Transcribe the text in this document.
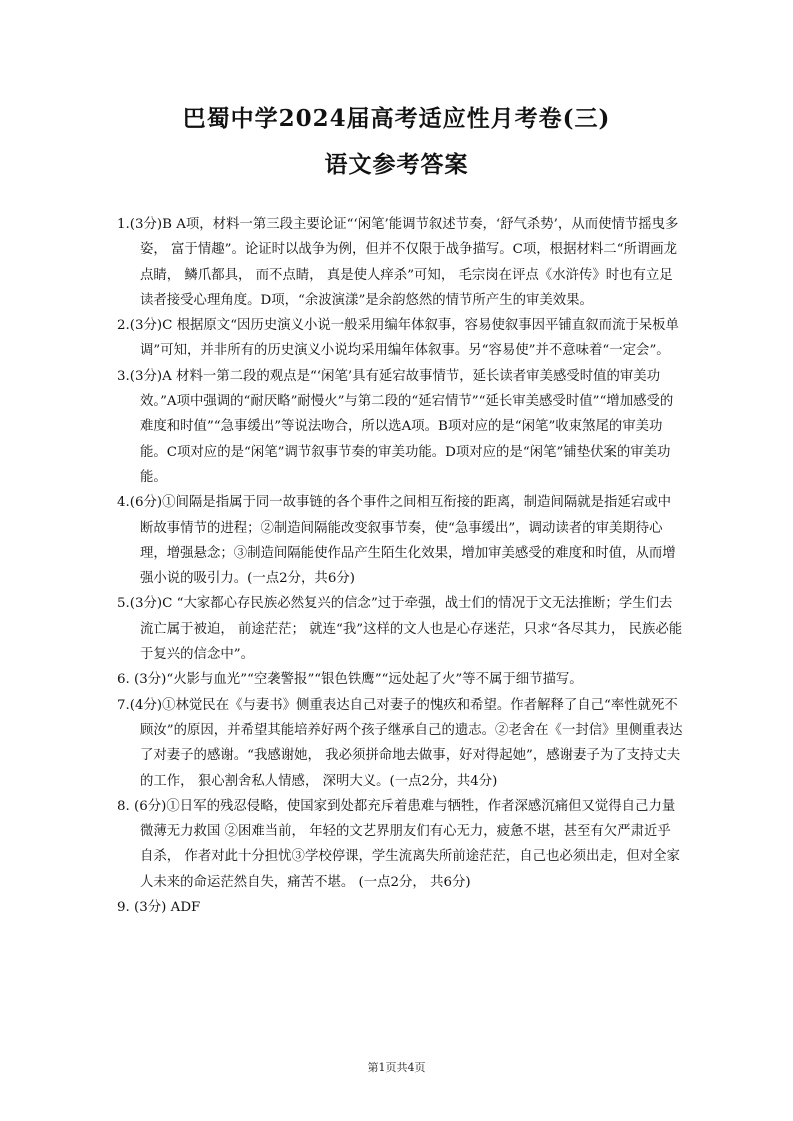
巴蜀中学2024届高考适应性月考卷(三)
语文参考答案
1.(3分)B A项，材料一第三段主要论证“‘闲笔’能调节叙述节奏，‘舒气杀势’，从而使情节摇曳多姿， 富于情趣”。论证时以战争为例，但并不仅限于战争描写。C项，根据材料二“所谓画龙点睛， 鳞爪都具， 而不点睛， 真是使人痒杀”可知， 毛宗岗在评点《水浒传》时也有立足读者接受心理角度。D项，“余波演漾”是余韵悠然的情节所产生的审美效果。
2.(3分)C 根据原文“因历史演义小说一般采用编年体叙事，容易使叙事因平铺直叙而流于呆板单调”可知，并非所有的历史演义小说均采用编年体叙事。另“容易使”并不意味着“一定会”。
3.(3分)A 材料一第二段的观点是“‘闲笔’具有延宕故事情节，延长读者审美感受时值的审美功效。”A项中强调的“耐厌略”耐慢火”与第二段的“延宕情节”“延长审美感受时值”“增加感受的难度和时值”“急事缓出”等说法吻合，所以选A项。B项对应的是“闲笔”收束煞尾的审美功能。C项对应的是“闲笔”调节叙事节奏的审美功能。D项对应的是“闲笔”铺垫伏案的审美功能。
4.(6分)①间隔是指属于同一故事链的各个事件之间相互衔接的距离，制造间隔就是指延宕或中断故事情节的进程；②制造间隔能改变叙事节奏，使“急事缓出”，调动读者的审美期待心理，增强悬念；③制造间隔能使作品产生陌生化效果，增加审美感受的难度和时值，从而增强小说的吸引力。(一点2分，共6分)
5.(3分)C “大家都心存民族必然复兴的信念”过于牵强，战士们的情况于文无法推断；学生们去流亡属于被迫， 前途茫茫； 就连“我”这样的文人也是心存迷茫，只求“各尽其力， 民族必能于复兴的信念中”。
6. (3分)“火影与血光”“空袭警报”“银色铁鹰”“远处起了火”等不属于细节描写。
7.(4分)①林觉民在《与妻书》侧重表达自己对妻子的愧疚和希望。作者解释了自己“率性就死不顾汝”的原因，并希望其能培养好两个孩子继承自己的遗志。②老舍在《一封信》里侧重表达了对妻子的感谢。“我感谢她， 我必须拼命地去做事，好对得起她”，感谢妻子为了支持丈夫的工作， 狠心割舍私人情感， 深明大义。(一点2分，共4分)
8. (6分)①日军的残忍侵略，使国家到处都充斥着患难与牺牲，作者深感沉痛但又觉得自己力量微薄无力救国 ②困难当前， 年轻的文艺界朋友们有心无力，疲惫不堪，甚至有欠严肃近乎自杀， 作者对此十分担忧③学校停课，学生流离失所前途茫茫，自己也必须出走，但对全家人未来的命运茫然自失，痛苦不堪。 (一点2分， 共6分)
9. (3分) ADF
第1页共4页
